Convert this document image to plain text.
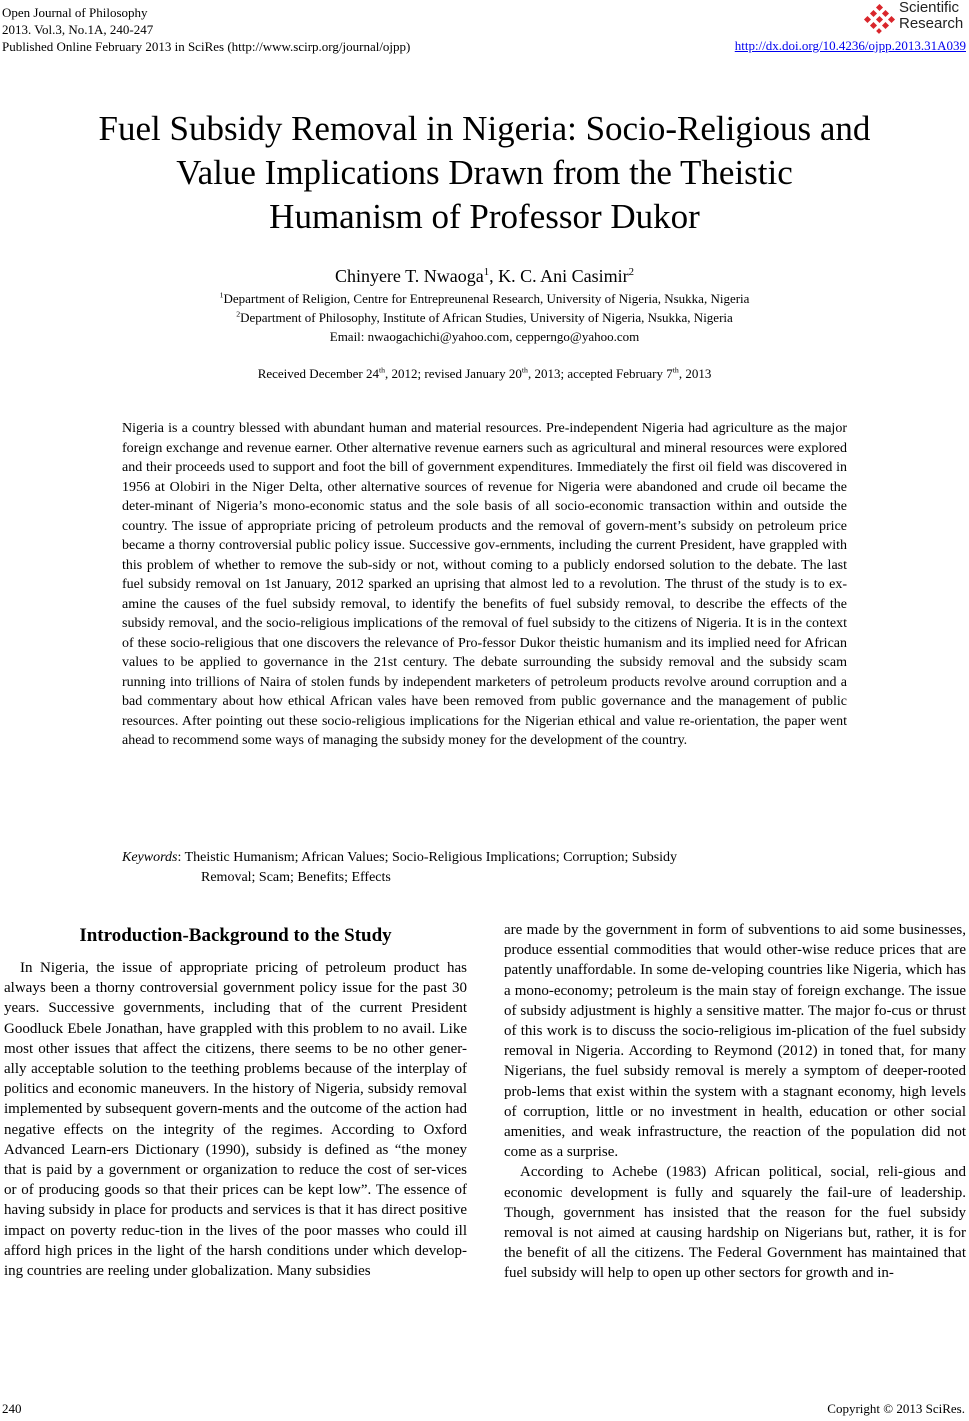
Open Journal of Philosophy
2013. Vol.3, No.1A, 240-247
Published Online February 2013 in SciRes (http://www.scirp.org/journal/ojpp)
Scientific
Research
http://dx.doi.org/10.4236/ojpp.2013.31A039
Fuel Subsidy Removal in Nigeria: Socio-Religious and
Value Implications Drawn from the Theistic
Humanism of Professor Dukor
Chinyere T. Nwaoga$^1$, K. C. Ani Casimir$^2$
$^1$Department of Religion, Centre for Entrepreunenal Research, University of Nigeria, Nsukka, Nigeria
$^2$Department of Philosophy, Institute of African Studies, University of Nigeria, Nsukka, Nigeria
Email: nwaogachichi@yahoo.com, cepperngo@yahoo.com
Received December 24th, 2012; revised January 20th, 2013; accepted February 7th, 2013
Nigeria is a country blessed with abundant human and material resources. Pre-independent Nigeria had agriculture as the major foreign exchange and revenue earner. Other alternative revenue earners such as agricultural and mineral resources were explored and their proceeds used to support and foot the bill of government expenditures. Immediately the first oil field was discovered in 1956 at Olobiri in the Niger Delta, other alternative sources of revenue for Nigeria were abandoned and crude oil became the deter-minant of Nigeria’s mono-economic status and the sole basis of all socio-economic transaction within and outside the country. The issue of appropriate pricing of petroleum products and the removal of govern-ment’s subsidy on petroleum price became a thorny controversial public policy issue. Successive gov-ernments, including the current President, have grappled with this problem of whether to remove the sub-sidy or not, without coming to a publicly endorsed solution to the debate. The last fuel subsidy removal on 1st January, 2012 sparked an uprising that almost led to a revolution. The thrust of the study is to ex-amine the causes of the fuel subsidy removal, to identify the benefits of fuel subsidy removal, to describe the effects of the subsidy removal, and the socio-religious implications of the removal of fuel subsidy to the citizens of Nigeria. It is in the context of these socio-religious that one discovers the relevance of Pro-fessor Dukor theistic humanism and its implied need for African values to be applied to governance in the 21st century. The debate surrounding the subsidy removal and the subsidy scam running into trillions of Naira of stolen funds by independent marketers of petroleum products revolve around corruption and a bad commentary about how ethical African vales have been removed from public governance and the management of public resources. After pointing out these socio-religious implications for the Nigerian ethical and value re-orientation, the paper went ahead to recommend some ways of managing the subsidy money for the development of the country.
Keywords: Theistic Humanism; African Values; Socio-Religious Implications; Corruption; Subsidy
Removal; Scam; Benefits; Effects
Introduction-Background to the Study

In Nigeria, the issue of appropriate pricing of petroleum product has always been a thorny controversial government policy issue for the past 30 years. Successive governments, including that of the current President Goodluck Ebele Jonathan, have grappled with this problem to no avail. Like most other issues that affect the citizens, there seems to be no other gener-ally acceptable solution to the teething problems because of the interplay of politics and economic maneuvers. In the history of Nigeria, subsidy removal implemented by subsequent govern-ments and the outcome of the action had negative effects on the integrity of the regimes. According to Oxford Advanced Learn-ers Dictionary (1990), subsidy is defined as “the money that is paid by a government or organization to reduce the cost of ser-vices or of producing goods so that their prices can be kept low”. The essence of having subsidy in place for products and services is that it has direct positive impact on poverty reduc-tion in the lives of the poor masses who could ill afford high prices in the light of the harsh conditions under which develop-ing countries are reeling under globalization. Many subsidies

are made by the government in form of subventions to aid some businesses, produce essential commodities that would other-wise reduce prices that are patently unaffordable. In some de-veloping countries like Nigeria, which has a mono-economy; petroleum is the main stay of foreign exchange. The issue of subsidy adjustment is highly a sensitive matter. The major fo-cus or thrust of this work is to discuss the socio-religious im-plication of the fuel subsidy removal in Nigeria. According to Reymond (2012) in toned that, for many Nigerians, the fuel subsidy removal is merely a symptom of deeper-rooted prob-lems that exist within the system with a stagnant economy, high levels of corruption, little or no investment in health, education or other social amenities, and weak infrastructure, the reaction of the population did not come as a surprise.

According to Achebe (1983) African political, social, reli-gious and economic development is fully and squarely the fail-ure of leadership. Though, government has insisted that the reason for the fuel subsidy removal is not aimed at causing hardship on Nigerians but, rather, it is for the benefit of all the citizens. The Federal Government has maintained that fuel subsidy will help to open up other sectors for growth and in-

240	Copyright © 2013 SciRes.
